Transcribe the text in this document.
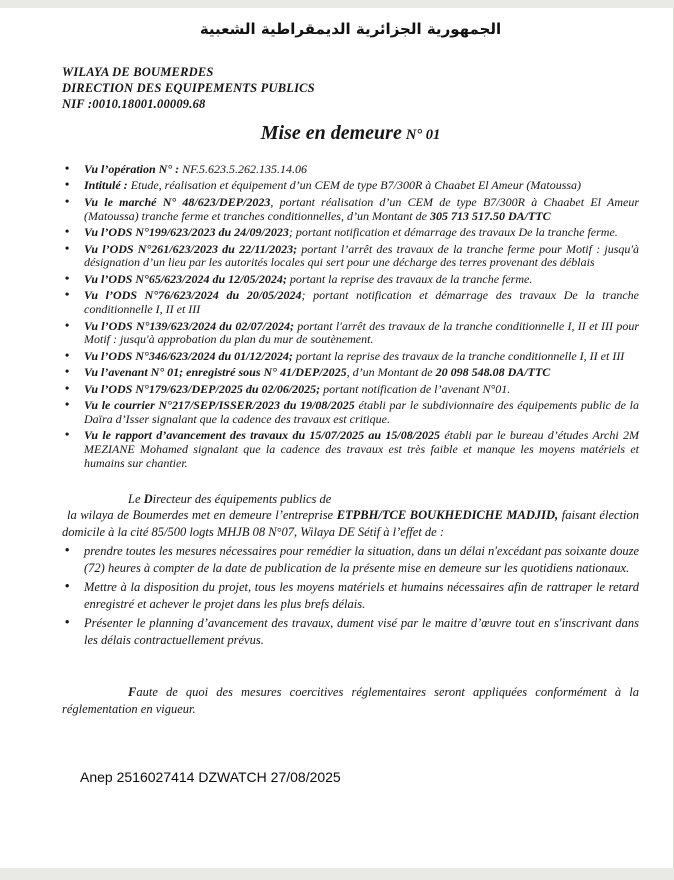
الجمهورية الجزائرية الديمقراطية الشعبية
WILAYA DE BOUMERDES
DIRECTION DES EQUIPEMENTS PUBLICS
NIF :0010.18001.00009.68
Mise en demeure N° 01
• Vu l’opération N° : NF.5.623.5.262.135.14.06
• Intitulé : Etude, réalisation et équipement d’un CEM de type B7/300R à Chaabet El Ameur (Matoussa)
• Vu le marché N° 48/623/DEP/2023, portant réalisation d’un CEM de type B7/300R à Chaabet El Ameur (Matoussa) tranche ferme et tranches conditionnelles, d’un Montant de 305 713 517.50 DA/TTC
• Vu l’ODS N°199/623/2023 du 24/09/2023; portant notification et démarrage des travaux De la tranche ferme.
• Vu l’ODS N°261/623/2023 du 22/11/2023; portant l’arrêt des travaux de la tranche ferme pour Motif : jusqu'à désignation d’un lieu par les autorités locales qui sert pour une décharge des terres provenant des déblais
• Vu l’ODS N°65/623/2024 du 12/05/2024; portant la reprise des travaux de la tranche ferme.
• Vu l’ODS N°76/623/2024 du 20/05/2024; portant notification et démarrage des travaux De la tranche conditionnelle I, II et III
• Vu l’ODS N°139/623/2024 du 02/07/2024; portant l'arrêt des travaux de la tranche conditionnelle I, II et III pour Motif : jusqu'à approbation du plan du mur de soutènement.
• Vu l’ODS N°346/623/2024 du 01/12/2024; portant la reprise des travaux de la tranche conditionnelle I, II et III
• Vu l’avenant N° 01; enregistré sous N° 41/DEP/2025, d’un Montant de 20 098 548.08 DA/TTC
• Vu l’ODS N°179/623/DEP/2025 du 02/06/2025; portant notification de l’avenant N°01.
• Vu le courrier N°217/SEP/ISSER/2023 du 19/08/2025 établi par le subdivionnaire des équipements public de la Daïra d’Isser signalant que la cadence des travaux est critique.
• Vu le rapport d’avancement des travaux du 15/07/2025 au 15/08/2025 établi par le bureau d’études Archi 2M MEZIANE Mohamed signalant que la cadence des travaux est très faible et manque les moyens matériels et humains sur chantier.
Le Directeur des équipements publics de

la wilaya de Boumerdes met en demeure l’entreprise ETPBH/TCE BOUKHEDICHE MADJID, faisant élection domicile à la cité 85/500 logts MHJB 08 N°07, Wilaya DE Sétif à l’effet de :

• prendre toutes les mesures nécessaires pour remédier la situation, dans un délai n'excédant pas soixante douze (72) heures à compter de la date de publication de la présente mise en demeure sur les quotidiens nationaux.
• Mettre à la disposition du projet, tous les moyens matériels et humains nécessaires afin de rattraper le retard enregistré et achever le projet dans les plus brefs délais.
• Présenter le planning d’avancement des travaux, dument visé par le maitre d’œuvre tout en s'inscrivant dans les délais contractuellement prévus.

Faute de quoi des mesures coercitives réglementaires seront appliquées conformément à la réglementation en vigueur.

Anep 2516027414 DZWATCH 27/08/2025
